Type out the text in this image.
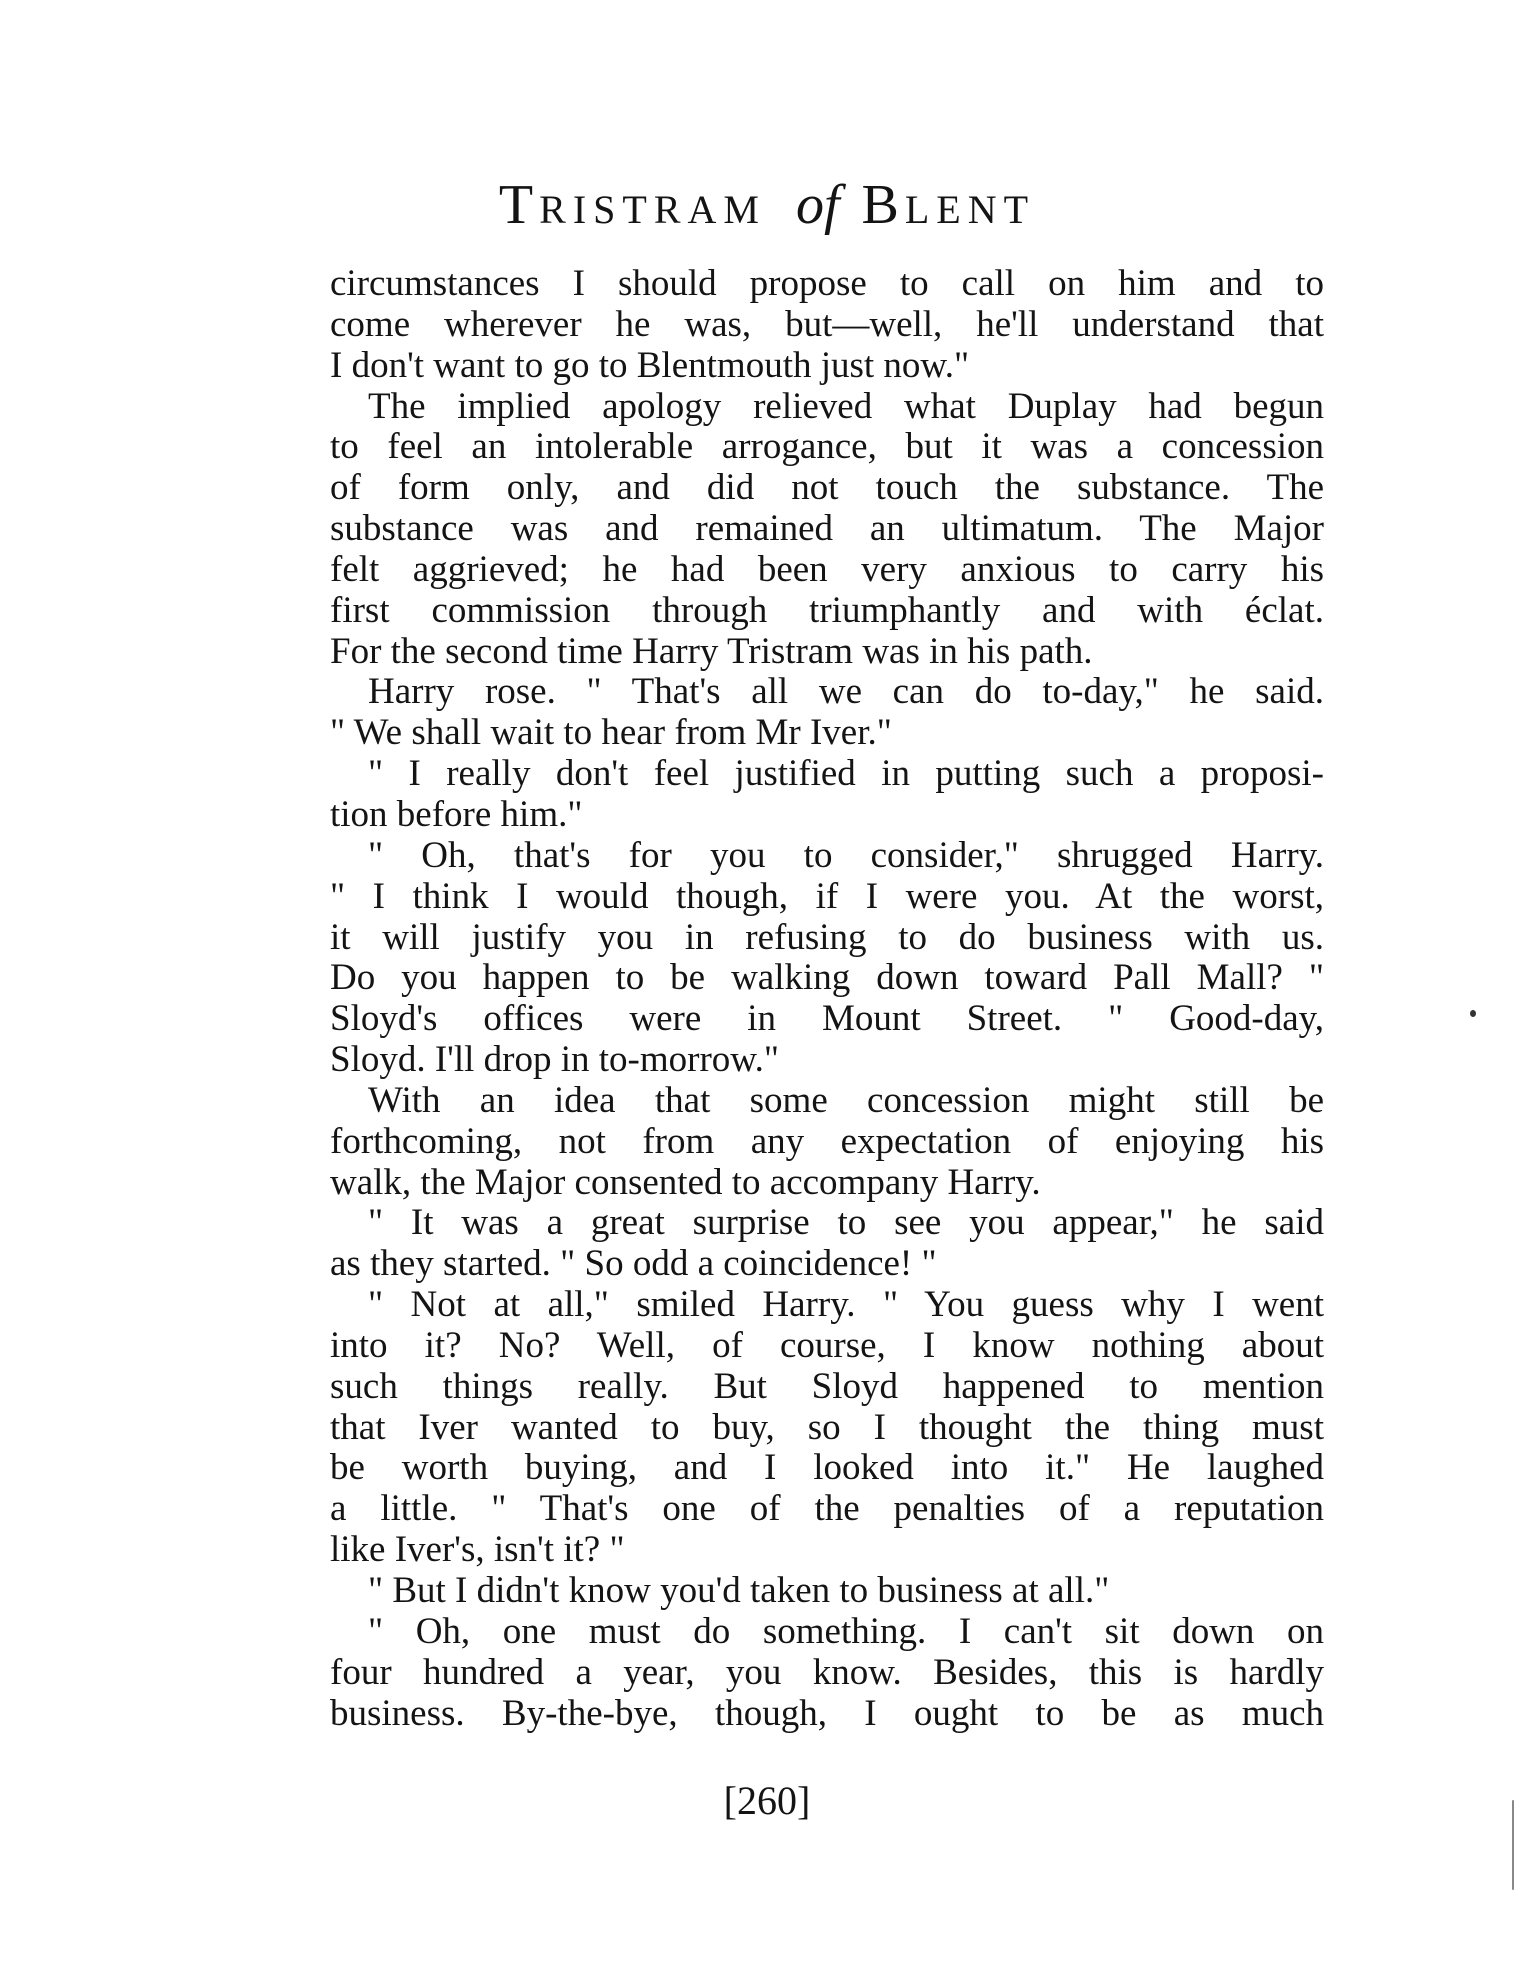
TRISTRAM of BLENT
circumstances I should propose to call on him and to
come wherever he was, but—well, he'll understand that
I don't want to go to Blentmouth just now."
The implied apology relieved what Duplay had begun
to feel an intolerable arrogance, but it was a concession
of form only, and did not touch the substance. The
substance was and remained an ultimatum. The Major
felt aggrieved; he had been very anxious to carry his
first commission through triumphantly and with éclat.
For the second time Harry Tristram was in his path.
Harry rose. " That's all we can do to-day," he said.
" We shall wait to hear from Mr Iver."
" I really don't feel justified in putting such a proposi-
tion before him."
" Oh, that's for you to consider," shrugged Harry.
" I think I would though, if I were you. At the worst,
it will justify you in refusing to do business with us.
Do you happen to be walking down toward Pall Mall? "
Sloyd's offices were in Mount Street. " Good-day,
Sloyd. I'll drop in to-morrow."
With an idea that some concession might still be
forthcoming, not from any expectation of enjoying his
walk, the Major consented to accompany Harry.
" It was a great surprise to see you appear," he said
as they started. " So odd a coincidence! "
" Not at all," smiled Harry. " You guess why I went
into it? No? Well, of course, I know nothing about
such things really. But Sloyd happened to mention
that Iver wanted to buy, so I thought the thing must
be worth buying, and I looked into it." He laughed
a little. " That's one of the penalties of a reputation
like Iver's, isn't it? "
" But I didn't know you'd taken to business at all."
" Oh, one must do something. I can't sit down on
four hundred a year, you know. Besides, this is hardly
business. By-the-bye, though, I ought to be as much
[260]
